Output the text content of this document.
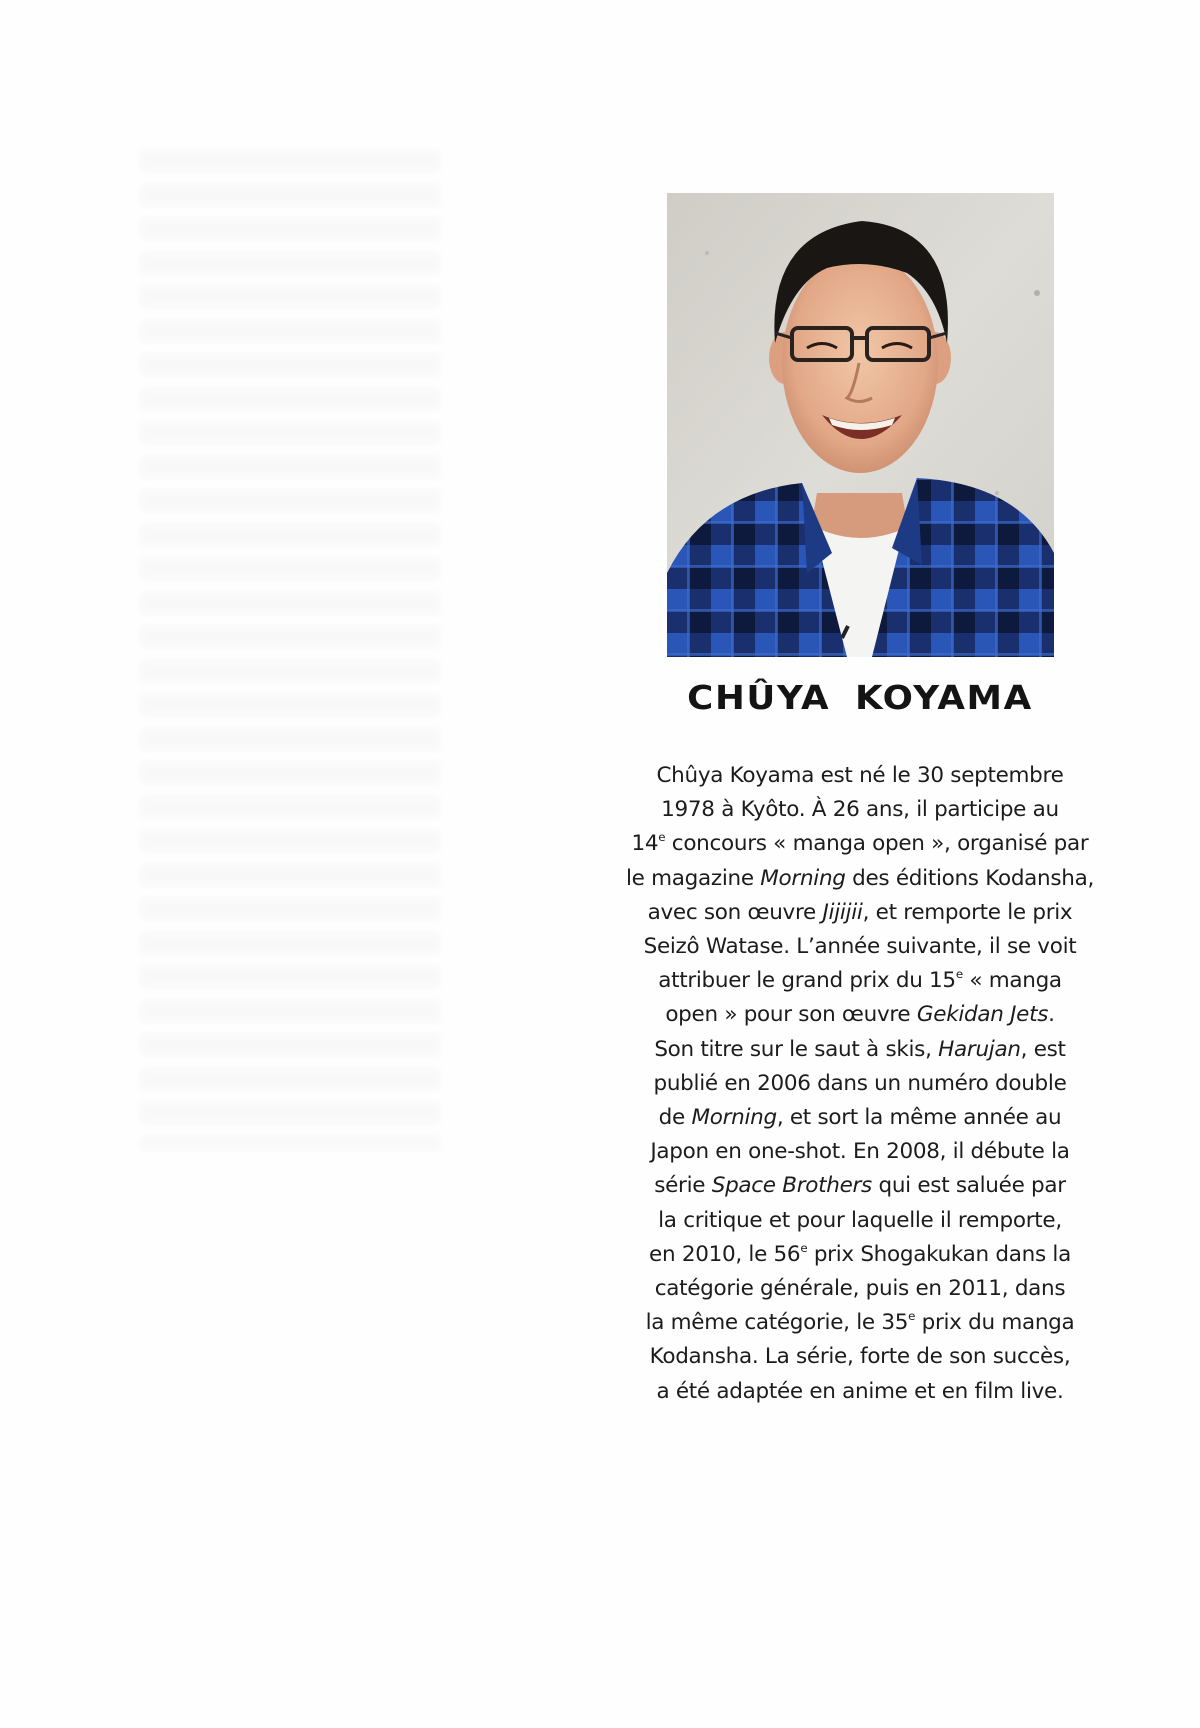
CHÛYA KOYAMA
Chûya Koyama est né le 30 septembre
1978 à Kyôto. À 26 ans, il participe au
14e concours « manga open », organisé par
le magazine Morning des éditions Kodansha,
avec son œuvre Jijijii, et remporte le prix
Seizô Watase. L’année suivante, il se voit
attribuer le grand prix du 15e « manga
open » pour son œuvre Gekidan Jets.
Son titre sur le saut à skis, Harujan, est
publié en 2006 dans un numéro double
de Morning, et sort la même année au
Japon en one-shot. En 2008, il débute la
série Space Brothers qui est saluée par
la critique et pour laquelle il remporte,
en 2010, le 56e prix Shogakukan dans la
catégorie générale, puis en 2011, dans
la même catégorie, le 35e prix du manga
Kodansha. La série, forte de son succès,
a été adaptée en anime et en film live.
